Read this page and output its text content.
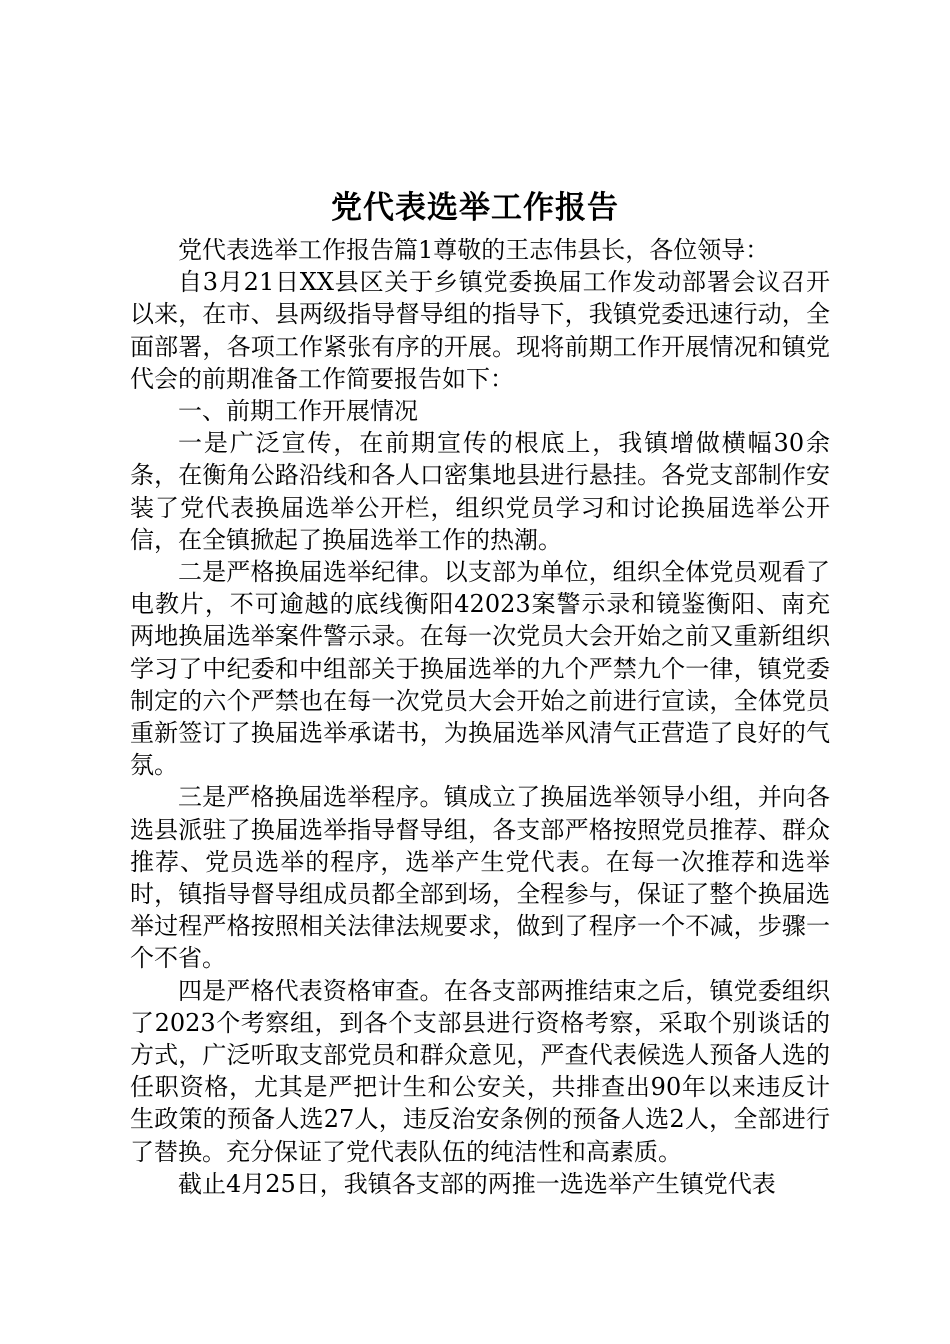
党代表选举工作报告

党代表选举工作报告篇1尊敬的王志伟县长，各位领导：

自3月21日XX县区关于乡镇党委换届工作发动部署会议召开以来，在市、县两级指导督导组的指导下，我镇党委迅速行动，全面部署，各项工作紧张有序的开展。现将前期工作开展情况和镇党代会的前期准备工作简要报告如下：

一、前期工作开展情况

一是广泛宣传，在前期宣传的根底上，我镇增做横幅30余条，在衡角公路沿线和各人口密集地县进行悬挂。各党支部制作安装了党代表换届选举公开栏，组织党员学习和讨论换届选举公开信，在全镇掀起了换届选举工作的热潮。

二是严格换届选举纪律。以支部为单位，组织全体党员观看了电教片，不可逾越的底线衡阳42023案警示录和镜鉴衡阳、南充两地换届选举案件警示录。在每一次党员大会开始之前又重新组织学习了中纪委和中组部关于换届选举的九个严禁九个一律，镇党委制定的六个严禁也在每一次党员大会开始之前进行宣读，全体党员重新签订了换届选举承诺书，为换届选举风清气正营造了良好的气氛。

三是严格换届选举程序。镇成立了换届选举领导小组，并向各选县派驻了换届选举指导督导组，各支部严格按照党员推荐、群众推荐、党员选举的程序，选举产生党代表。在每一次推荐和选举时，镇指导督导组成员都全部到场，全程参与，保证了整个换届选举过程严格按照相关法律法规要求，做到了程序一个不减，步骤一个不省。

四是严格代表资格审查。在各支部两推结束之后，镇党委组织了2023个考察组，到各个支部县进行资格考察，采取个别谈话的方式，广泛听取支部党员和群众意见，严查代表候选人预备人选的任职资格，尤其是严把计生和公安关，共排查出90年以来违反计生政策的预备人选27人，违反治安条例的预备人选2人，全部进行了替换。充分保证了党代表队伍的纯洁性和高素质。

截止4月25日，我镇各支部的两推一选选举产生镇党代表
